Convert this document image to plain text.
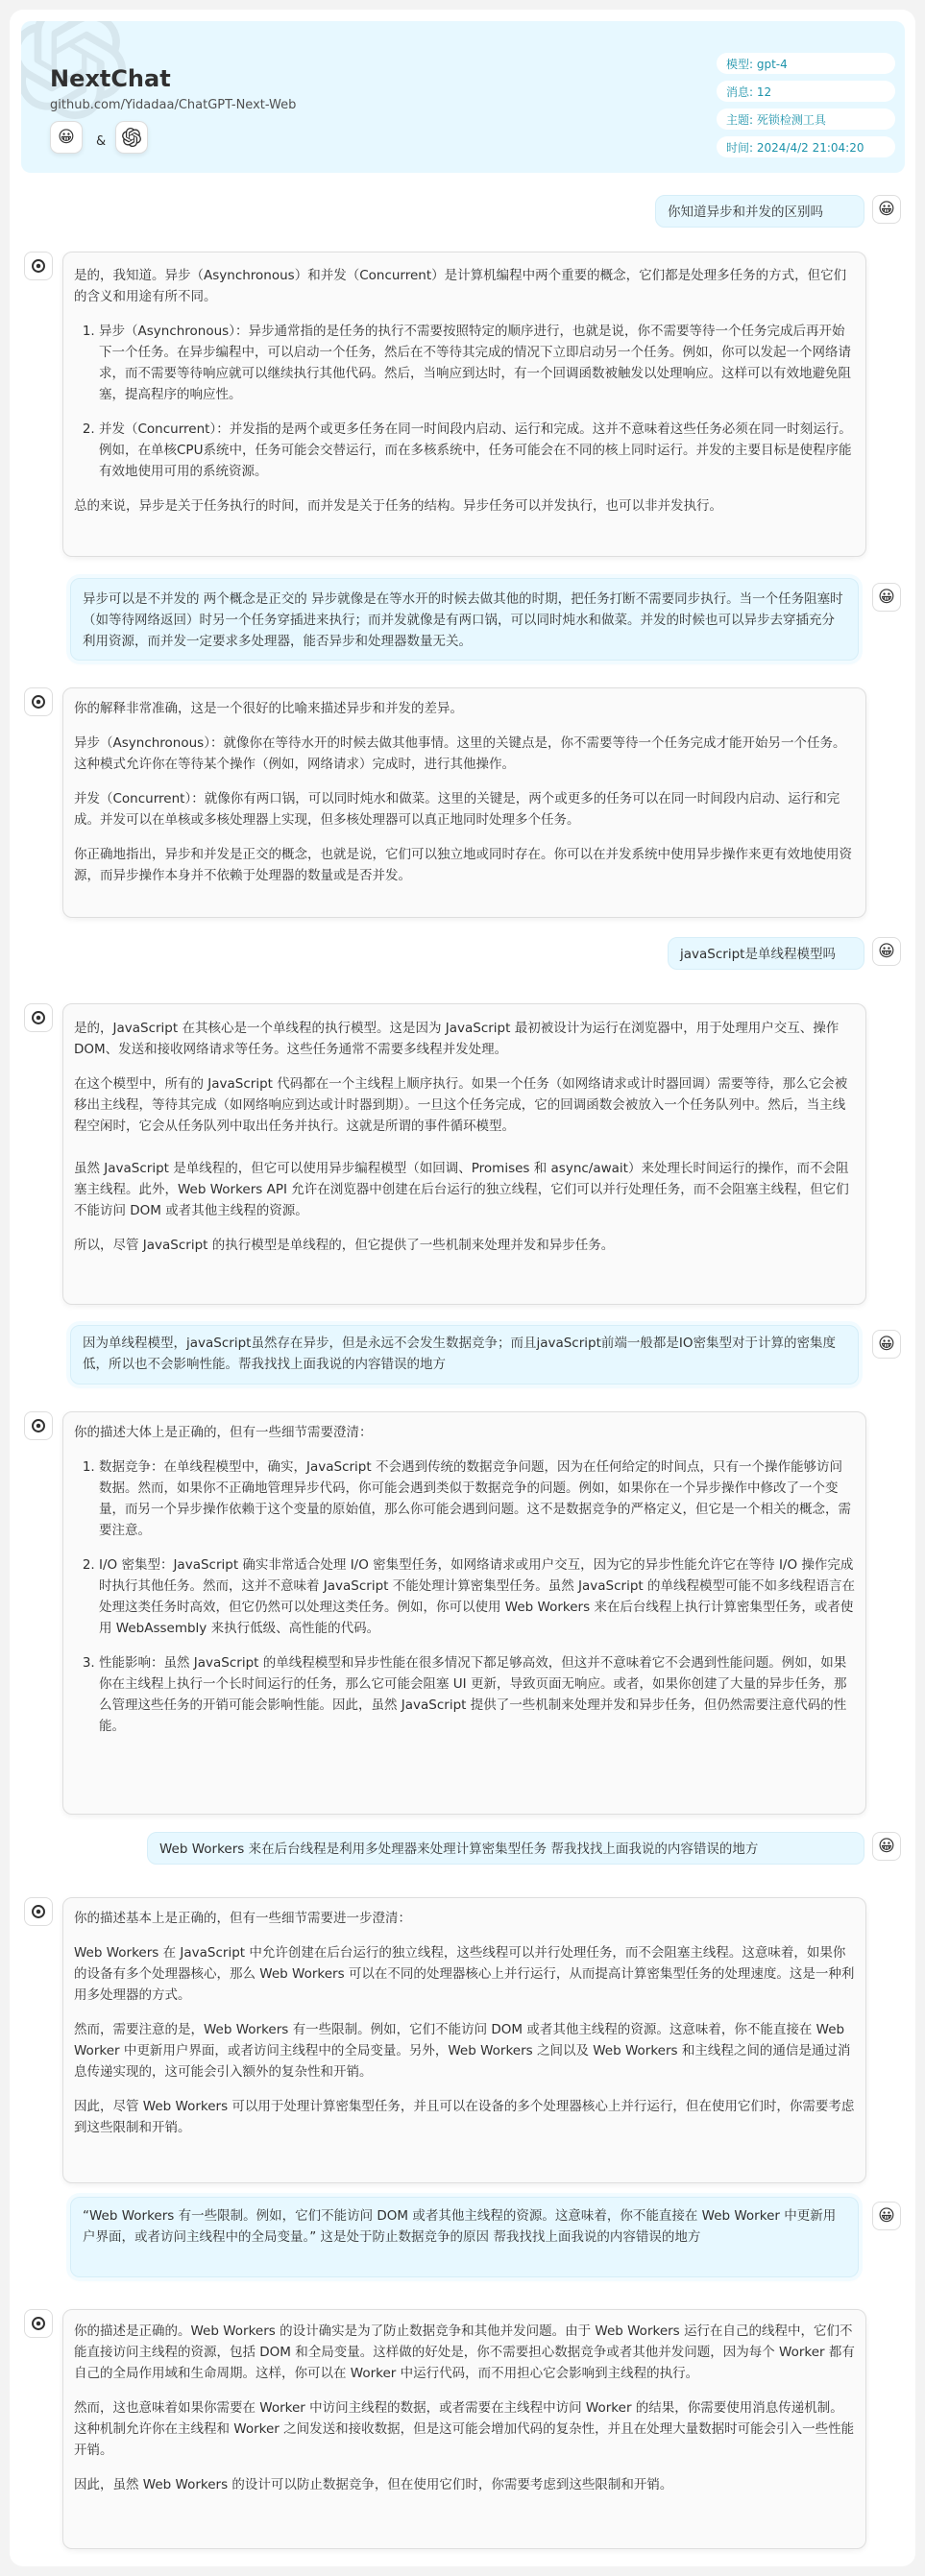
NextChat
github.com/Yidadaa/ChatGPT-Next-Web
😀 &
模型: gpt-4
消息: 12
主题: 死锁检测工具
时间: 2024/4/2 21:04:20
你知道异步和并发的区别吗	😀

是的，我知道。异步（Asynchronous）和并发（Concurrent）是计算机编程中两个重要的概念，它们都是处理多任务的方式，但它们的含义和用途有所不同。

1. 异步（Asynchronous）：异步通常指的是任务的执行不需要按照特定的顺序进行，也就是说，你不需要等待一个任务完成后再开始下一个任务。在异步编程中，可以启动一个任务，然后在不等待其完成的情况下立即启动另一个任务。例如，你可以发起一个网络请求，而不需要等待响应就可以继续执行其他代码。然后，当响应到达时，有一个回调函数被触发以处理响应。这样可以有效地避免阻塞，提高程序的响应性。
2. 并发（Concurrent）：并发指的是两个或更多任务在同一时间段内启动、运行和完成。这并不意味着这些任务必须在同一时刻运行。例如，在单核CPU系统中，任务可能会交替运行，而在多核系统中，任务可能会在不同的核上同时运行。并发的主要目标是使程序能有效地使用可用的系统资源。

总的来说，异步是关于任务执行的时间，而并发是关于任务的结构。异步任务可以并发执行，也可以非并发执行。

异步可以是不并发的 两个概念是正交的 异步就像是在等水开的时候去做其他的时期，把任务打断不需要同步执行。当一个任务阻塞时（如等待网络返回）时另一个任务穿插进来执行；而并发就像是有两口锅，可以同时炖水和做菜。并发的时候也可以异步去穿插充分利用资源，而并发一定要求多处理器，能否异步和处理器数量无关。
😀

你的解释非常准确，这是一个很好的比喻来描述异步和并发的差异。

异步（Asynchronous）：就像你在等待水开的时候去做其他事情。这里的关键点是，你不需要等待一个任务完成才能开始另一个任务。这种模式允许你在等待某个操作（例如，网络请求）完成时，进行其他操作。

并发（Concurrent）：就像你有两口锅，可以同时炖水和做菜。这里的关键是，两个或更多的任务可以在同一时间段内启动、运行和完成。并发可以在单核或多核处理器上实现，但多核处理器可以真正地同时处理多个任务。

你正确地指出，异步和并发是正交的概念，也就是说，它们可以独立地或同时存在。你可以在并发系统中使用异步操作来更有效地使用资源，而异步操作本身并不依赖于处理器的数量或是否并发。

javaScript是单线程模型吗	😀

是的，JavaScript 在其核心是一个单线程的执行模型。这是因为 JavaScript 最初被设计为运行在浏览器中，用于处理用户交互、操作 DOM、发送和接收网络请求等任务。这些任务通常不需要多线程并发处理。

在这个模型中，所有的 JavaScript 代码都在一个主线程上顺序执行。如果一个任务（如网络请求或计时器回调）需要等待，那么它会被移出主线程，等待其完成（如网络响应到达或计时器到期）。一旦这个任务完成，它的回调函数会被放入一个任务队列中。然后，当主线程空闲时，它会从任务队列中取出任务并执行。这就是所谓的事件循环模型。

虽然 JavaScript 是单线程的，但它可以使用异步编程模型（如回调、Promises 和 async/await）来处理长时间运行的操作，而不会阻塞主线程。此外，Web Workers API 允许在浏览器中创建在后台运行的独立线程，它们可以并行处理任务，而不会阻塞主线程，但它们不能访问 DOM 或者其他主线程的资源。

所以，尽管 JavaScript 的执行模型是单线程的，但它提供了一些机制来处理并发和异步任务。

因为单线程模型，javaScript虽然存在异步，但是永远不会发生数据竞争；而且javaScript前端一般都是IO密集型对于计算的密集度低，所以也不会影响性能。帮我找找上面我说的内容错误的地方
😀

你的描述大体上是正确的，但有一些细节需要澄清：

1. 数据竞争：在单线程模型中，确实，JavaScript 不会遇到传统的数据竞争问题，因为在任何给定的时间点，只有一个操作能够访问数据。然而，如果你不正确地管理异步代码，你可能会遇到类似于数据竞争的问题。例如，如果你在一个异步操作中修改了一个变量，而另一个异步操作依赖于这个变量的原始值，那么你可能会遇到问题。这不是数据竞争的严格定义，但它是一个相关的概念，需要注意。
2. I/O 密集型：JavaScript 确实非常适合处理 I/O 密集型任务，如网络请求或用户交互，因为它的异步性能允许它在等待 I/O 操作完成时执行其他任务。然而，这并不意味着 JavaScript 不能处理计算密集型任务。虽然 JavaScript 的单线程模型可能不如多线程语言在处理这类任务时高效，但它仍然可以处理这类任务。例如，你可以使用 Web Workers 来在后台线程上执行计算密集型任务，或者使用 WebAssembly 来执行低级、高性能的代码。
3. 性能影响：虽然 JavaScript 的单线程模型和异步性能在很多情况下都足够高效，但这并不意味着它不会遇到性能问题。例如，如果你在主线程上执行一个长时间运行的任务，那么它可能会阻塞 UI 更新，导致页面无响应。或者，如果你创建了大量的异步任务，那么管理这些任务的开销可能会影响性能。因此，虽然 JavaScript 提供了一些机制来处理并发和异步任务，但仍然需要注意代码的性能。
Web Workers 来在后台线程是利用多处理器来处理计算密集型任务 帮我找找上面我说的内容错误的地方	😀

你的描述基本上是正确的，但有一些细节需要进一步澄清：

Web Workers 在 JavaScript 中允许创建在后台运行的独立线程，这些线程可以并行处理任务，而不会阻塞主线程。这意味着，如果你的设备有多个处理器核心，那么 Web Workers 可以在不同的处理器核心上并行运行，从而提高计算密集型任务的处理速度。这是一种利用多处理器的方式。

然而，需要注意的是，Web Workers 有一些限制。例如，它们不能访问 DOM 或者其他主线程的资源。这意味着，你不能直接在 Web Worker 中更新用户界面，或者访问主线程中的全局变量。另外，Web Workers 之间以及 Web Workers 和主线程之间的通信是通过消息传递实现的，这可能会引入额外的复杂性和开销。

因此，尽管 Web Workers 可以用于处理计算密集型任务，并且可以在设备的多个处理器核心上并行运行，但在使用它们时，你需要考虑到这些限制和开销。

“Web Workers 有一些限制。例如，它们不能访问 DOM 或者其他主线程的资源。这意味着，你不能直接在 Web Worker 中更新用户界面，或者访问主线程中的全局变量。” 这是处于防止数据竞争的原因 帮我找找上面我说的内容错误的地方
😀

你的描述是正确的。Web Workers 的设计确实是为了防止数据竞争和其他并发问题。由于 Web Workers 运行在自己的线程中，它们不能直接访问主线程的资源，包括 DOM 和全局变量。这样做的好处是，你不需要担心数据竞争或者其他并发问题，因为每个 Worker 都有自己的全局作用域和生命周期。这样，你可以在 Worker 中运行代码，而不用担心它会影响到主线程的执行。

然而，这也意味着如果你需要在 Worker 中访问主线程的数据，或者需要在主线程中访问 Worker 的结果，你需要使用消息传递机制。这种机制允许你在主线程和 Worker 之间发送和接收数据，但是这可能会增加代码的复杂性，并且在处理大量数据时可能会引入一些性能开销。

因此，虽然 Web Workers 的设计可以防止数据竞争，但在使用它们时，你需要考虑到这些限制和开销。
